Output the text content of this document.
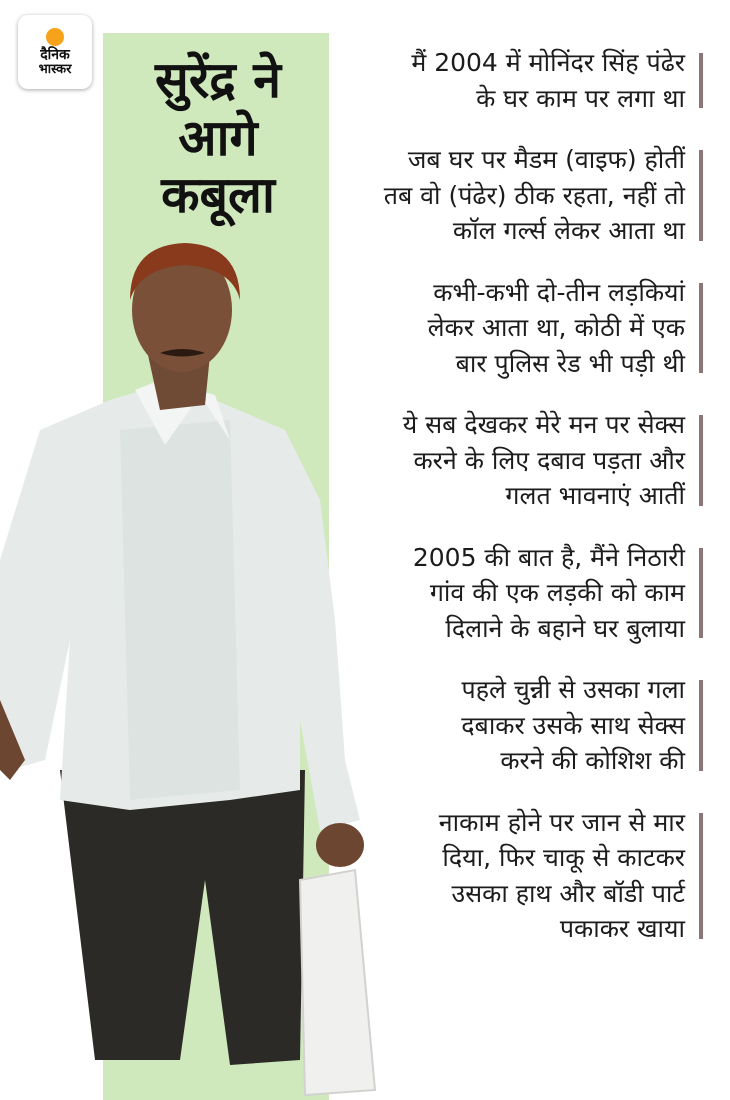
दैनिक
भास्कर	सुरेंद्र ने
आगे
कबूला
मैं 2004 में मोनिंदर सिंह पंढेर
के घर काम पर लगा था
जब घर पर मैडम (वाइफ) होतीं
तब वो (पंढेर) ठीक रहता, नहीं तो
कॉल गर्ल्स लेकर आता था
कभी-कभी दो-तीन लड़कियां
लेकर आता था, कोठी में एक
बार पुलिस रेड भी पड़ी थी
ये सब देखकर मेरे मन पर सेक्स
करने के लिए दबाव पड़ता और
गलत भावनाएं आतीं
2005 की बात है, मैंने निठारी
गांव की एक लड़की को काम
दिलाने के बहाने घर बुलाया
पहले चुन्नी से उसका गला
दबाकर उसके साथ सेक्स
करने की कोशिश की
नाकाम होने पर जान से मार
दिया, फिर चाकू से काटकर
उसका हाथ और बॉडी पार्ट
पकाकर खाया
